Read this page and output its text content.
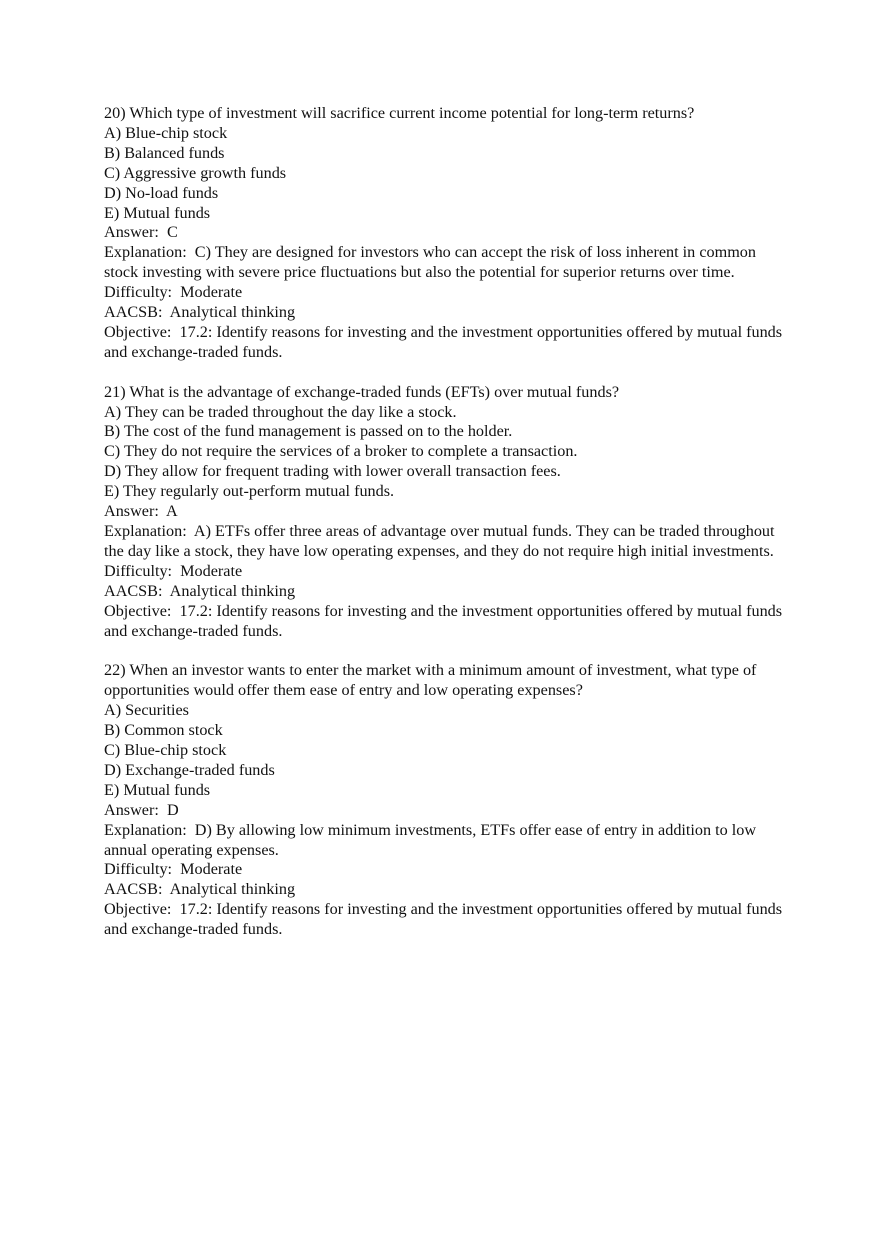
20) Which type of investment will sacrifice current income potential for long-term returns?
A) Blue-chip stock
B) Balanced funds
C) Aggressive growth funds
D) No-load funds
E) Mutual funds
Answer:  C
Explanation:  C) They are designed for investors who can accept the risk of loss inherent in common stock investing with severe price fluctuations but also the potential for superior returns over time.
Difficulty:  Moderate
AACSB:  Analytical thinking
Objective:  17.2: Identify reasons for investing and the investment opportunities offered by mutual funds and exchange-traded funds.
21) What is the advantage of exchange-traded funds (EFTs) over mutual funds?
A) They can be traded throughout the day like a stock.
B) The cost of the fund management is passed on to the holder.
C) They do not require the services of a broker to complete a transaction.
D) They allow for frequent trading with lower overall transaction fees.
E) They regularly out-perform mutual funds.
Answer:  A
Explanation:  A) ETFs offer three areas of advantage over mutual funds. They can be traded throughout the day like a stock, they have low operating expenses, and they do not require high initial investments.
Difficulty:  Moderate
AACSB:  Analytical thinking
Objective:  17.2: Identify reasons for investing and the investment opportunities offered by mutual funds and exchange-traded funds.
22) When an investor wants to enter the market with a minimum amount of investment, what type of opportunities would offer them ease of entry and low operating expenses?
A) Securities
B) Common stock
C) Blue-chip stock
D) Exchange-traded funds
E) Mutual funds
Answer:  D
Explanation:  D) By allowing low minimum investments, ETFs offer ease of entry in addition to low annual operating expenses.
Difficulty:  Moderate
AACSB:  Analytical thinking
Objective:  17.2: Identify reasons for investing and the investment opportunities offered by mutual funds and exchange-traded funds.
